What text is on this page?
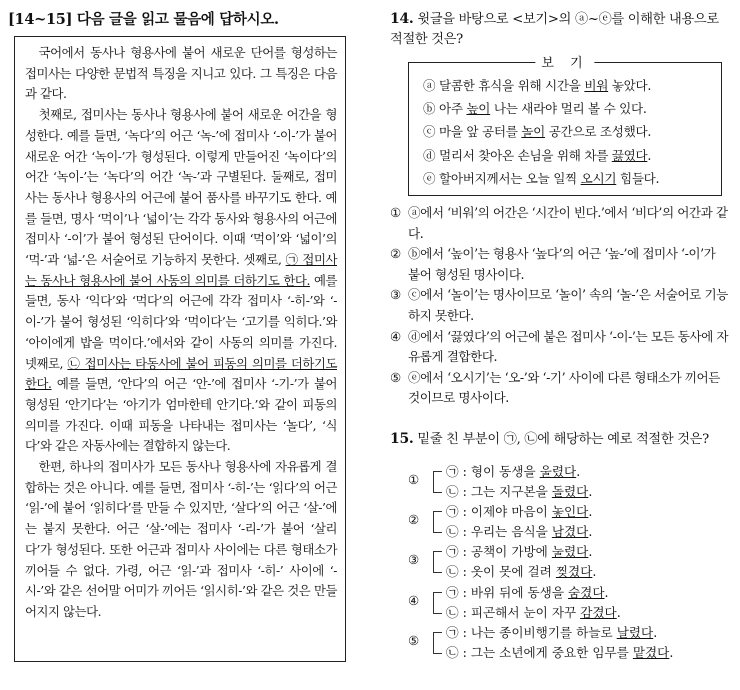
[14~15] 다음 글을 읽고 물음에 답하시오.

국어에서 동사나 형용사에 붙어 새로운 단어를 형성하는 접미사는 다양한 문법적 특징을 지니고 있다. 그 특징은 다음과 같다.

첫째로, 접미사는 동사나 형용사에 붙어 새로운 어간을 형성한다. 예를 들면, ‘녹다’의 어근 ‘녹-’에 접미사 ‘-이-’가 붙어 새로운 어간 ‘녹이-’가 형성된다. 이렇게 만들어진 ‘녹이다’의 어간 ‘녹이-’는 ‘녹다’의 어간 ‘녹-’과 구별된다. 둘째로, 접미사는 동사나 형용사의 어근에 붙어 품사를 바꾸기도 한다. 예를 들면, 명사 ‘먹이’나 ‘넓이’는 각각 동사와 형용사의 어근에 접미사 ‘-이’가 붙어 형성된 단어이다. 이때 ‘먹이’와 ‘넓이’의 ‘먹-’과 ‘넓-’은 서술어로 기능하지 못한다. 셋째로, ㉠ 접미사는 동사나 형용사에 붙어 사동의 의미를 더하기도 한다. 예를 들면, 동사 ‘익다’와 ‘먹다’의 어근에 각각 접미사 ‘-히-’와 ‘-이-’가 붙어 형성된 ‘익히다’와 ‘먹이다’는 ‘고기를 익히다.’와 ‘아이에게 밥을 먹이다.’에서와 같이 사동의 의미를 가진다. 넷째로, ㉡ 접미사는 타동사에 붙어 피동의 의미를 더하기도 한다. 예를 들면, ‘안다’의 어근 ‘안-’에 접미사 ‘-기-’가 붙어 형성된 ‘안기다’는 ‘아기가 엄마한테 안기다.’와 같이 피동의 의미를 가진다. 이때 피동을 나타내는 접미사는 ‘놀다’, ‘식다’와 같은 자동사에는 결합하지 않는다.

한편, 하나의 접미사가 모든 동사나 형용사에 자유롭게 결합하는 것은 아니다. 예를 들면, 접미사 ‘-히-’는 ‘읽다’의 어근 ‘읽-’에 붙어 ‘읽히다’를 만들 수 있지만, ‘살다’의 어근 ‘살-’에는 붙지 못한다. 어근 ‘살-’에는 접미사 ‘-리-’가 붙어 ‘살리다’가 형성된다. 또한 어근과 접미사 사이에는 다른 형태소가 끼어들 수 없다. 가령, 어근 ‘읽-’과 접미사 ‘-히-’ 사이에 ‘-시-’와 같은 선어말 어미가 끼어든 ‘읽시히-’와 같은 것은 만들어지지 않는다.

14. 윗글을 바탕으로 <보기>의 ⓐ~ⓔ를 이해한 내용으로 적절한 것은?
보 기
ⓐ 달콤한 휴식을 위해 시간을 비워 놓았다.
ⓑ 아주 높이 나는 새라야 멀리 볼 수 있다.
ⓒ 마을 앞 공터를 놀이 공간으로 조성했다.
ⓓ 멀리서 찾아온 손님을 위해 차를 끓였다.
ⓔ 할아버지께서는 오늘 일찍 오시기 힘들다.
① ⓐ에서 ‘비워’의 어간은 ‘시간이 빈다.’에서 ‘비다’의 어간과 같다.
② ⓑ에서 ‘높이’는 형용사 ‘높다’의 어근 ‘높-’에 접미사 ‘-이’가 붙어 형성된 명사이다.
③ ⓒ에서 ‘놀이’는 명사이므로 ‘놀이’ 속의 ‘놀-’은 서술어로 기능하지 못한다.
④ ⓓ에서 ‘끓였다’의 어근에 붙은 접미사 ‘-이-’는 모든 동사에 자유롭게 결합한다.
⑤ ⓔ에서 ‘오시기’는 ‘오-’와 ‘-기’ 사이에 다른 형태소가 끼어든 것이므로 명사이다.
15. 밑줄 친 부분이 ㉠, ㉡에 해당하는 예로 적절한 것은?
①
㉠ : 형이 동생을 울렸다.
㉡ : 그는 지구본을 돌렸다.
②
㉠ : 이제야 마음이 놓인다.
㉡ : 우리는 음식을 남겼다.
③
㉠ : 공책이 가방에 눌렸다.
㉡ : 옷이 못에 걸려 찢겼다.
④
㉠ : 바위 뒤에 동생을 숨겼다.
㉡ : 피곤해서 눈이 자꾸 감겼다.
⑤
㉠ : 나는 종이비행기를 하늘로 날렸다.
㉡ : 그는 소년에게 중요한 임무를 맡겼다.
